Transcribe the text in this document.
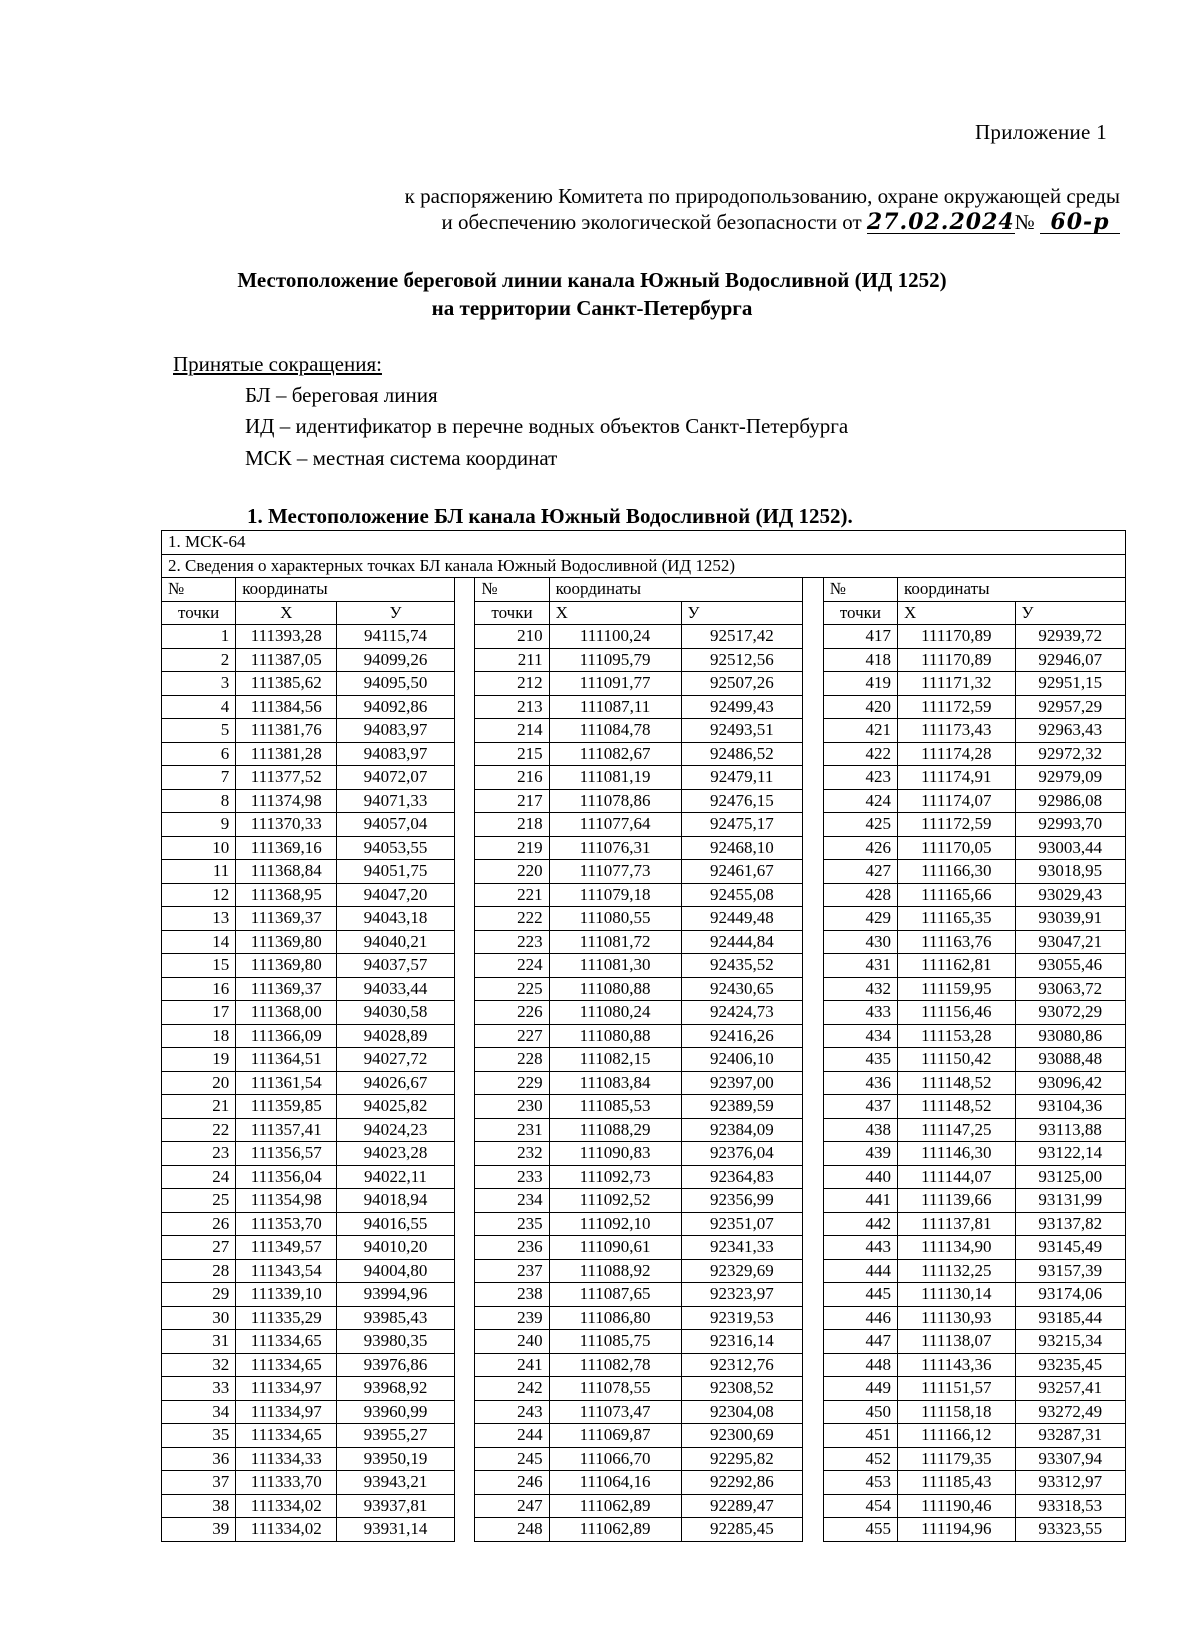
Приложение 1
к распоряжению Комитета по природопользованию, охране окружающей среды
и обеспечению экологической безопасности от 27.02.2024№ 60-р
Местоположение береговой линии канала Южный Водосливной (ИД 1252)
на территории Санкт-Петербурга
Принятые сокращения:
БЛ – береговая линия
ИД – идентификатор в перечне водных объектов Санкт-Петербурга
МСК – местная система координат
1. Местоположение БЛ канала Южный Водосливной (ИД 1252).
1. МСК-64										
2. Сведения о характерных точках БЛ канала Южный Водосливной (ИД 1252)										
№	координаты			№	координаты			№	координаты	
точки	X	У		точки	X	У		точки	X	У
1	111393,28	94115,74		210	111100,24	92517,42		417	111170,89	92939,72
2	111387,05	94099,26		211	111095,79	92512,56		418	111170,89	92946,07
3	111385,62	94095,50		212	111091,77	92507,26		419	111171,32	92951,15
4	111384,56	94092,86		213	111087,11	92499,43		420	111172,59	92957,29
5	111381,76	94083,97		214	111084,78	92493,51		421	111173,43	92963,43
6	111381,28	94083,97		215	111082,67	92486,52		422	111174,28	92972,32
7	111377,52	94072,07		216	111081,19	92479,11		423	111174,91	92979,09
8	111374,98	94071,33		217	111078,86	92476,15		424	111174,07	92986,08
9	111370,33	94057,04		218	111077,64	92475,17		425	111172,59	92993,70
10	111369,16	94053,55		219	111076,31	92468,10		426	111170,05	93003,44
11	111368,84	94051,75		220	111077,73	92461,67		427	111166,30	93018,95
12	111368,95	94047,20		221	111079,18	92455,08		428	111165,66	93029,43
13	111369,37	94043,18		222	111080,55	92449,48		429	111165,35	93039,91
14	111369,80	94040,21		223	111081,72	92444,84		430	111163,76	93047,21
15	111369,80	94037,57		224	111081,30	92435,52		431	111162,81	93055,46
16	111369,37	94033,44		225	111080,88	92430,65		432	111159,95	93063,72
17	111368,00	94030,58		226	111080,24	92424,73		433	111156,46	93072,29
18	111366,09	94028,89		227	111080,88	92416,26		434	111153,28	93080,86
19	111364,51	94027,72		228	111082,15	92406,10		435	111150,42	93088,48
20	111361,54	94026,67		229	111083,84	92397,00		436	111148,52	93096,42
21	111359,85	94025,82		230	111085,53	92389,59		437	111148,52	93104,36
22	111357,41	94024,23		231	111088,29	92384,09		438	111147,25	93113,88
23	111356,57	94023,28		232	111090,83	92376,04		439	111146,30	93122,14
24	111356,04	94022,11		233	111092,73	92364,83		440	111144,07	93125,00
25	111354,98	94018,94		234	111092,52	92356,99		441	111139,66	93131,99
26	111353,70	94016,55		235	111092,10	92351,07		442	111137,81	93137,82
27	111349,57	94010,20		236	111090,61	92341,33		443	111134,90	93145,49
28	111343,54	94004,80		237	111088,92	92329,69		444	111132,25	93157,39
29	111339,10	93994,96		238	111087,65	92323,97		445	111130,14	93174,06
30	111335,29	93985,43		239	111086,80	92319,53		446	111130,93	93185,44
31	111334,65	93980,35		240	111085,75	92316,14		447	111138,07	93215,34
32	111334,65	93976,86		241	111082,78	92312,76		448	111143,36	93235,45
33	111334,97	93968,92		242	111078,55	92308,52		449	111151,57	93257,41
34	111334,97	93960,99		243	111073,47	92304,08		450	111158,18	93272,49
35	111334,65	93955,27		244	111069,87	92300,69		451	111166,12	93287,31
36	111334,33	93950,19		245	111066,70	92295,82		452	111179,35	93307,94
37	111333,70	93943,21		246	111064,16	92292,86		453	111185,43	93312,97
38	111334,02	93937,81		247	111062,89	92289,47		454	111190,46	93318,53
39	111334,02	93931,14		248	111062,89	92285,45		455	111194,96	93323,55
